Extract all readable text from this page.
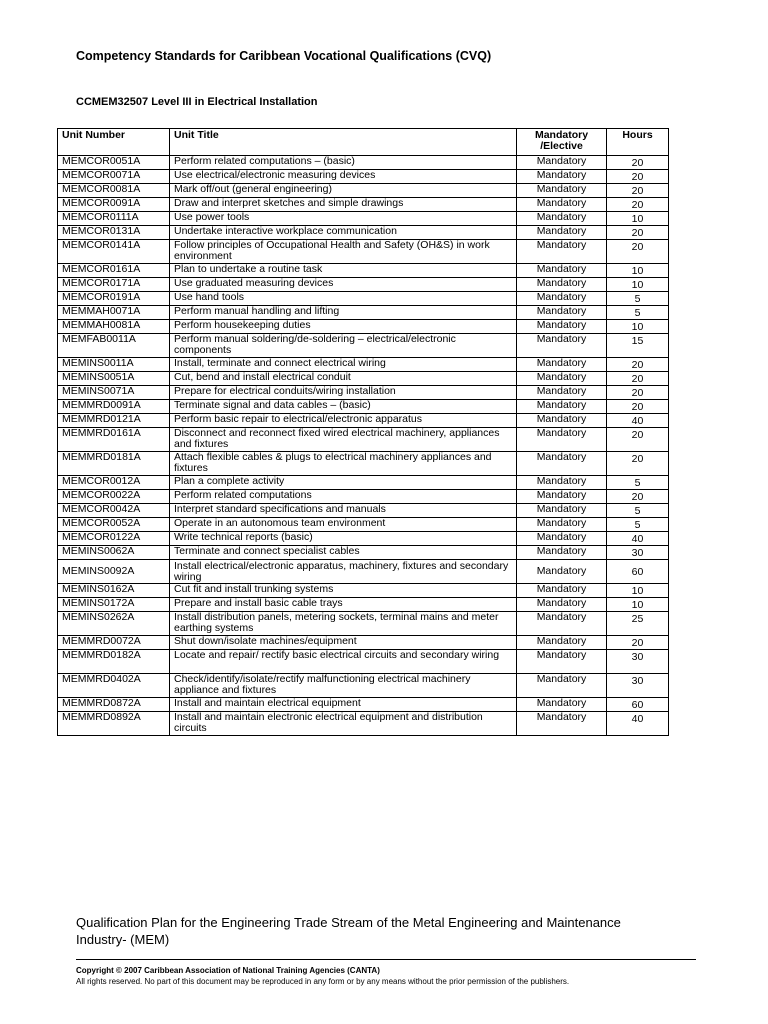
Competency Standards for Caribbean Vocational Qualifications (CVQ)
CCMEM32507 Level III in Electrical Installation
Unit Number	Unit Title	Mandatory /Elective	Hours
MEMCOR0051A	Perform related computations – (basic)	Mandatory	20
MEMCOR0071A	Use electrical/electronic measuring devices	Mandatory	20
MEMCOR0081A	Mark off/out (general engineering)	Mandatory	20
MEMCOR0091A	Draw and interpret sketches and simple drawings	Mandatory	20
MEMCOR0111A	Use power tools	Mandatory	10
MEMCOR0131A	Undertake interactive workplace communication	Mandatory	20
MEMCOR0141A	Follow principles of Occupational Health and Safety (OH&S) in work environment	Mandatory	20
MEMCOR0161A	Plan to undertake a routine task	Mandatory	10
MEMCOR0171A	Use graduated measuring devices	Mandatory	10
MEMCOR0191A	Use hand tools	Mandatory	5
MEMMAH0071A	Perform manual handling and lifting	Mandatory	5
MEMMAH0081A	Perform housekeeping duties	Mandatory	10
MEMFAB0011A	Perform manual soldering/de-soldering – electrical/electronic components	Mandatory	15
MEMINS0011A	Install, terminate and connect electrical wiring	Mandatory	20
MEMINS0051A	Cut, bend and install electrical conduit	Mandatory	20
MEMINS0071A	Prepare for electrical conduits/wiring installation	Mandatory	20
MEMMRD0091A	Terminate signal and data cables – (basic)	Mandatory	20
MEMMRD0121A	Perform basic repair to electrical/electronic apparatus	Mandatory	40
MEMMRD0161A	Disconnect and reconnect fixed wired electrical machinery, appliances and fixtures	Mandatory	20
MEMMRD0181A	Attach flexible cables & plugs to electrical machinery appliances and fixtures	Mandatory	20
MEMCOR0012A	Plan a complete activity	Mandatory	5
MEMCOR0022A	Perform related computations	Mandatory	20
MEMCOR0042A	Interpret standard specifications and manuals	Mandatory	5
MEMCOR0052A	Operate in an autonomous team environment	Mandatory	5
MEMCOR0122A	Write technical reports (basic)	Mandatory	40
MEMINS0062A	Terminate and connect specialist cables	Mandatory	30
MEMINS0092A	Install electrical/electronic apparatus, machinery, fixtures and secondary wiring	Mandatory	60
MEMINS0162A	Cut fit and install trunking systems	Mandatory	10
MEMINS0172A	Prepare and install basic cable trays	Mandatory	10
MEMINS0262A	Install distribution panels, metering sockets, terminal mains and meter earthing systems	Mandatory	25
MEMMRD0072A	Shut down/isolate machines/equipment	Mandatory	20
MEMMRD0182A	Locate and repair/ rectify basic electrical circuits and secondary wiring	Mandatory	30
MEMMRD0402A	Check/identify/isolate/rectify malfunctioning electrical machinery appliance and fixtures	Mandatory	30
MEMMRD0872A	Install and maintain electrical equipment	Mandatory	60
MEMMRD0892A	Install and maintain electronic electrical equipment and distribution circuits	Mandatory	40
Qualification Plan for the Engineering Trade Stream of the Metal Engineering and Maintenance Industry- (MEM)
Copyright © 2007 Caribbean Association of National Training Agencies (CANTA)
All rights reserved. No part of this document may be reproduced in any form or by any means without the prior permission of the publishers.
